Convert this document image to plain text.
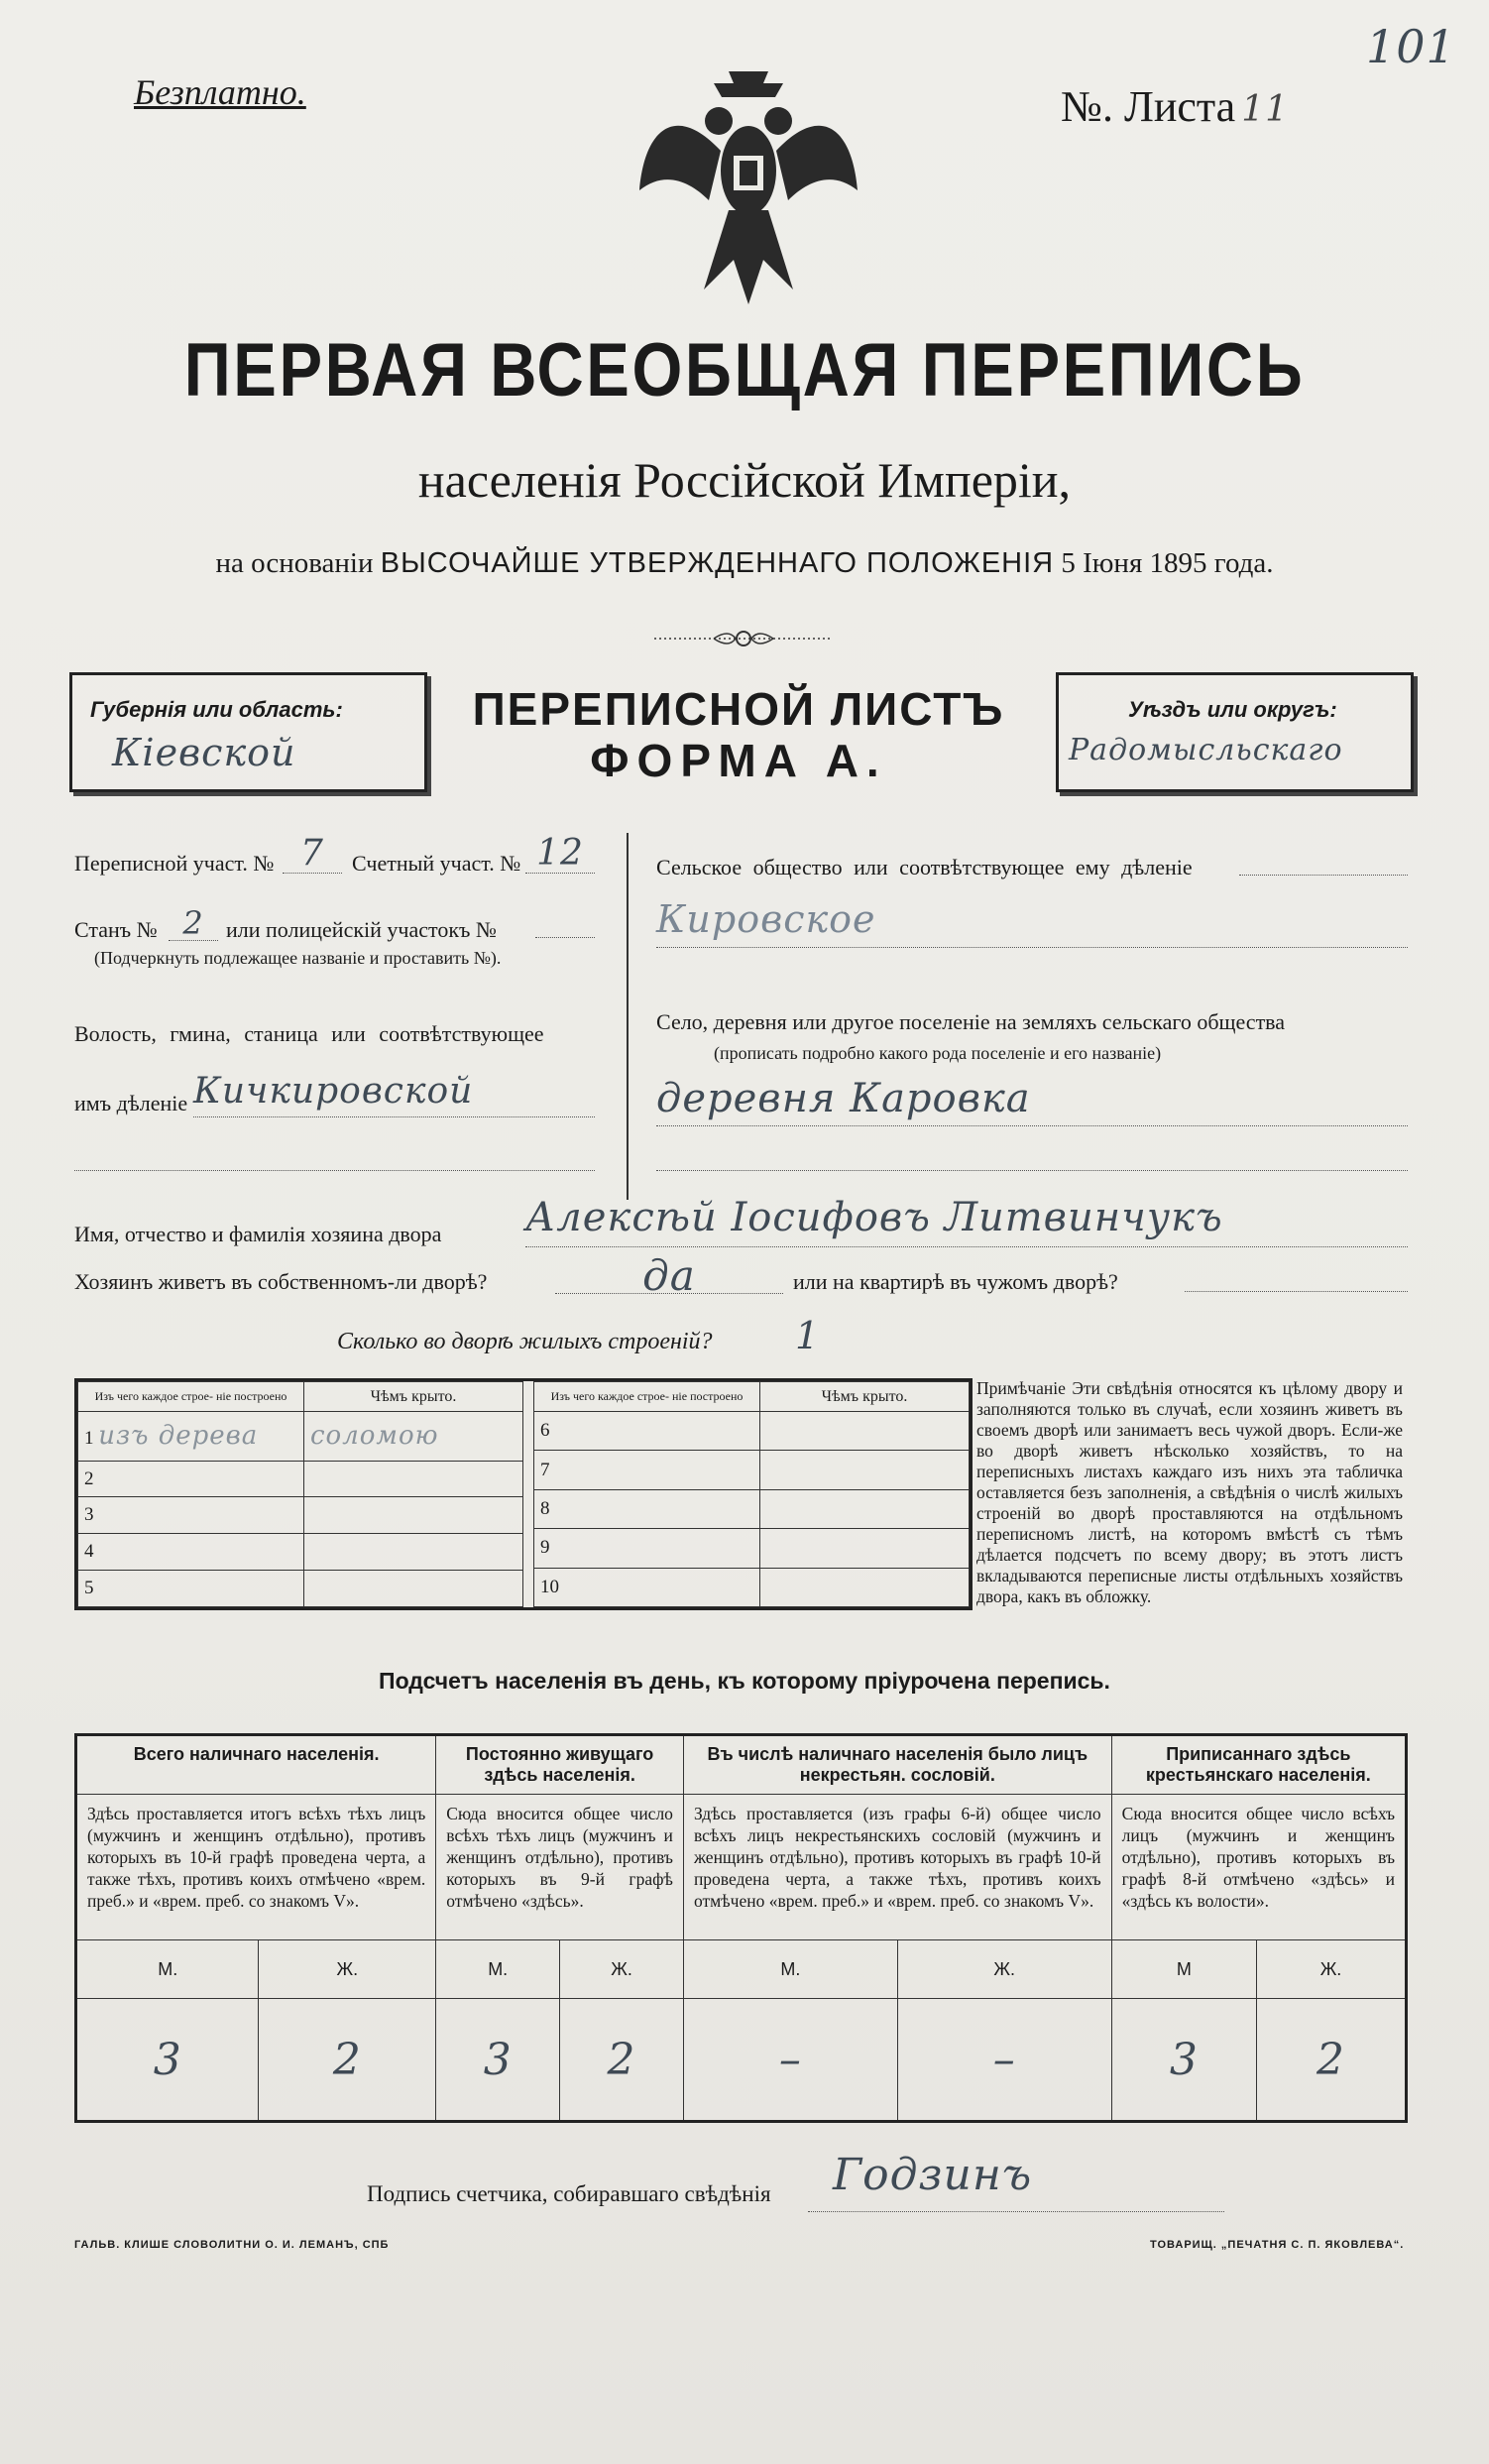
Безплатно.
101
№. Листа 11
ПЕРВАЯ ВСЕОБЩАЯ ПЕРЕПИСЬ
населенія Россійской Имперіи,
на основаніи ВЫСОЧАЙШЕ УТВЕРЖДЕННАГО ПОЛОЖЕНІЯ 5 Іюня 1895 года.
Губернія или область:
Кіевской
ПЕРЕПИСНОЙ ЛИСТЪ
ФОРМА А.
Уѣздъ или округъ:
Радомысльскаго
Переписной участ. № 7	Счетный участ. № 12
Станъ № 2	или полицейскій участокъ №
(Подчеркнуть подлежащее названіе и проставить №).
Волость, гмина, станица или соотвѣтствующее
имъ дѣленіе Кичкировской
Сельское общество или соотвѣтствующее ему дѣленіе
Кировское
Село, деревня или другое поселеніе на земляхъ сельскаго общества
(прописать подробно какого рода поселеніе и его названіе)
деревня Каровка
Имя, отчество и фамилія хозяина двора Алексѣй Іосифовъ Литвинчукъ
Хозяинъ живетъ въ собственномъ-ли дворѣ?	да	или на квартирѣ въ чужомъ дворѣ?
Сколько во дворѣ жилыхъ строеній? 1
Изъ чего каждое строе- ніе построено	Чѣмъ крыто.
1 изъ дерева	соломою
2	
3	
4	
5	
Изъ чего каждое строе- ніе построено	Чѣмъ крыто.
6	
7	
8	
9	
10	
Примѣчаніе Эти свѣдѣнія относятся къ цѣлому двору и заполняются только въ случаѣ, если хозяинъ живетъ въ своемъ дворѣ или занимаетъ весь чужой дворъ. Если-же во дворѣ живетъ нѣсколько хозяйствъ, то на переписныхъ листахъ каждаго изъ нихъ эта табличка оставляется безъ заполненія, а свѣдѣнія о числѣ жилыхъ строеній во дворѣ проставляются на отдѣльномъ переписномъ листѣ, на которомъ вмѣстѣ съ тѣмъ дѣлается подсчетъ по всему двору; въ этотъ листъ вкладываются переписные листы отдѣльныхъ хозяйствъ двора, какъ въ обложку.
Подсчетъ населенія въ день, къ которому пріурочена перепись.
Всего наличнаго населенія.		Постоянно живущаго здѣсь населенія.		Въ числѣ наличнаго населенія было лицъ некрестьян. сословій.		Приписаннаго здѣсь крестьянскаго населенія.	
Здѣсь проставляется итогъ всѣхъ тѣхъ лицъ (мужчинъ и женщинъ отдѣльно), противъ которыхъ въ 10-й графѣ проведена черта, а также тѣхъ, противъ коихъ отмѣчено «врем. преб.» и «врем. преб. со знакомъ V».		Сюда вносится общее число всѣхъ тѣхъ лицъ (мужчинъ и женщинъ отдѣльно), противъ которыхъ въ 9-й графѣ отмѣчено «здѣсь».		Здѣсь проставляется (изъ графы 6-й) общее число всѣхъ лицъ некрестьянскихъ сословій (мужчинъ и женщинъ отдѣльно), противъ которыхъ въ графѣ 10-й проведена черта, а также тѣхъ, противъ коихъ отмѣчено «врем. преб.» и «врем. преб. со знакомъ V».		Сюда вносится общее число всѣхъ лицъ (мужчинъ и женщинъ отдѣльно), противъ которыхъ въ графѣ 8-й отмѣчено «здѣсь» и «здѣсь къ волости».	
М.	Ж.	М.	Ж.	М.	Ж.	М	Ж.
3	2	3	2	–	–	3	2
Подпись счетчика, собиравшаго свѣдѣнія Годзинъ
ГАЛЬВ. КЛИШЕ СЛОВОЛИТНИ О. И. ЛЕМАНЪ, СПБ	ТОВАРИЩ. „ПЕЧАТНЯ С. П. ЯКОВЛЕВА“.
